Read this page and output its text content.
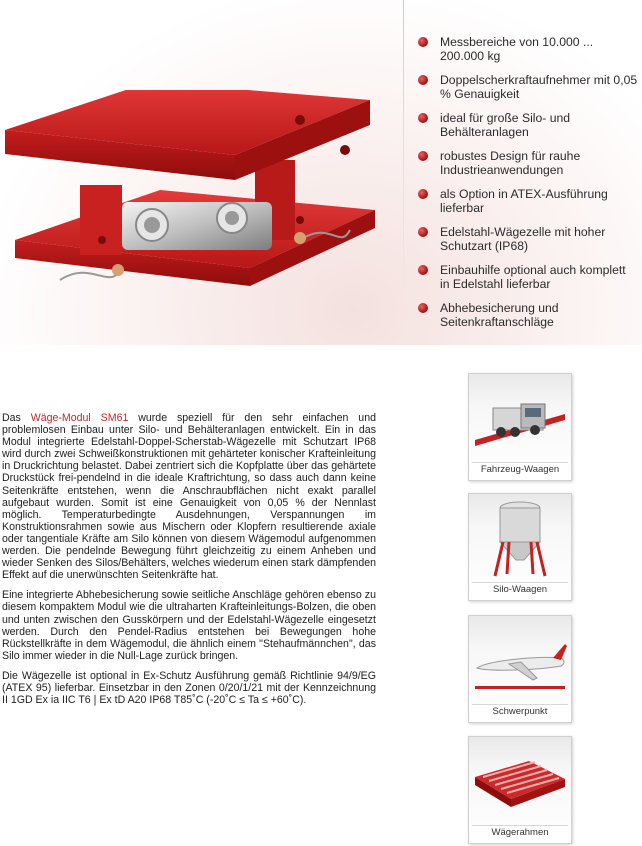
Messbereiche von 10.000 ... 200.000 kg
Doppelscherkraftaufnehmer mit 0,05 % Genauigkeit
ideal für große Silo- und Behälteranlagen
robustes Design für rauhe Industrieanwendungen
als Option in ATEX-Ausführung lieferbar
Edelstahl-Wägezelle mit hoher Schutzart (IP68)
Einbauhilfe optional auch komplett in Edelstahl lieferbar
Abhebesicherung und Seitenkraftanschläge

Das Wäge-Modul SM61 wurde speziell für den sehr einfachen und problemlosen Einbau unter Silo- und Behälteranlagen entwickelt. Ein in das Modul integrierte Edelstahl-Doppel-Scherstab-Wägezelle mit Schutzart IP68 wird durch zwei Schweißkonstruktionen mit gehärteter konischer Krafteinleitung in Druckrichtung belastet. Dabei zentriert sich die Kopfplatte über das gehärtete Druckstück frei-pendelnd in die ideale Kraftrichtung, so dass auch dann keine Seitenkräfte entstehen, wenn die Anschraubflächen nicht exakt parallel aufgebaut wurden. Somit ist eine Genauigkeit von 0,05 % der Nennlast möglich. Temperaturbedingte Ausdehnungen, Verspannungen im Konstruktionsrahmen sowie aus Mischern oder Klopfern resultierende axiale oder tangentiale Kräfte am Silo können von diesem Wägemodul aufgenommen werden. Die pendelnde Bewegung führt gleichzeitig zu einem Anheben und wieder Senken des Silos/Behälters, welches wiederum einen stark dämpfenden Effekt auf die unerwünschten Seitenkräfte hat.

Eine integrierte Abhebesicherung sowie seitliche Anschläge gehören ebenso zu diesem kompaktem Modul wie die ultraharten Krafteinleitungs-Bolzen, die oben und unten zwischen den Gusskörpern und der Edelstahl-Wägezelle eingesetzt werden. Durch den Pendel-Radius entstehen bei Bewegungen hohe Rückstellkräfte in dem Wägemodul, die ähnlich einem "Stehaufmännchen", das Silo immer wieder in die Null-Lage zurück bringen.

Die Wägezelle ist optional in Ex-Schutz Ausführung gemäß Richtlinie 94/9/EG (ATEX 95) lieferbar. Einsetzbar in den Zonen 0/20/1/21 mit der Kennzeichnung II 1GD Ex ia IIC T6 | Ex tD A20 IP68 T85˚C (-20˚C ≤ Ta ≤ +60˚C).

Fahrzeug-Waagen
Silo-Waagen
Schwerpunkt
Wägerahmen
